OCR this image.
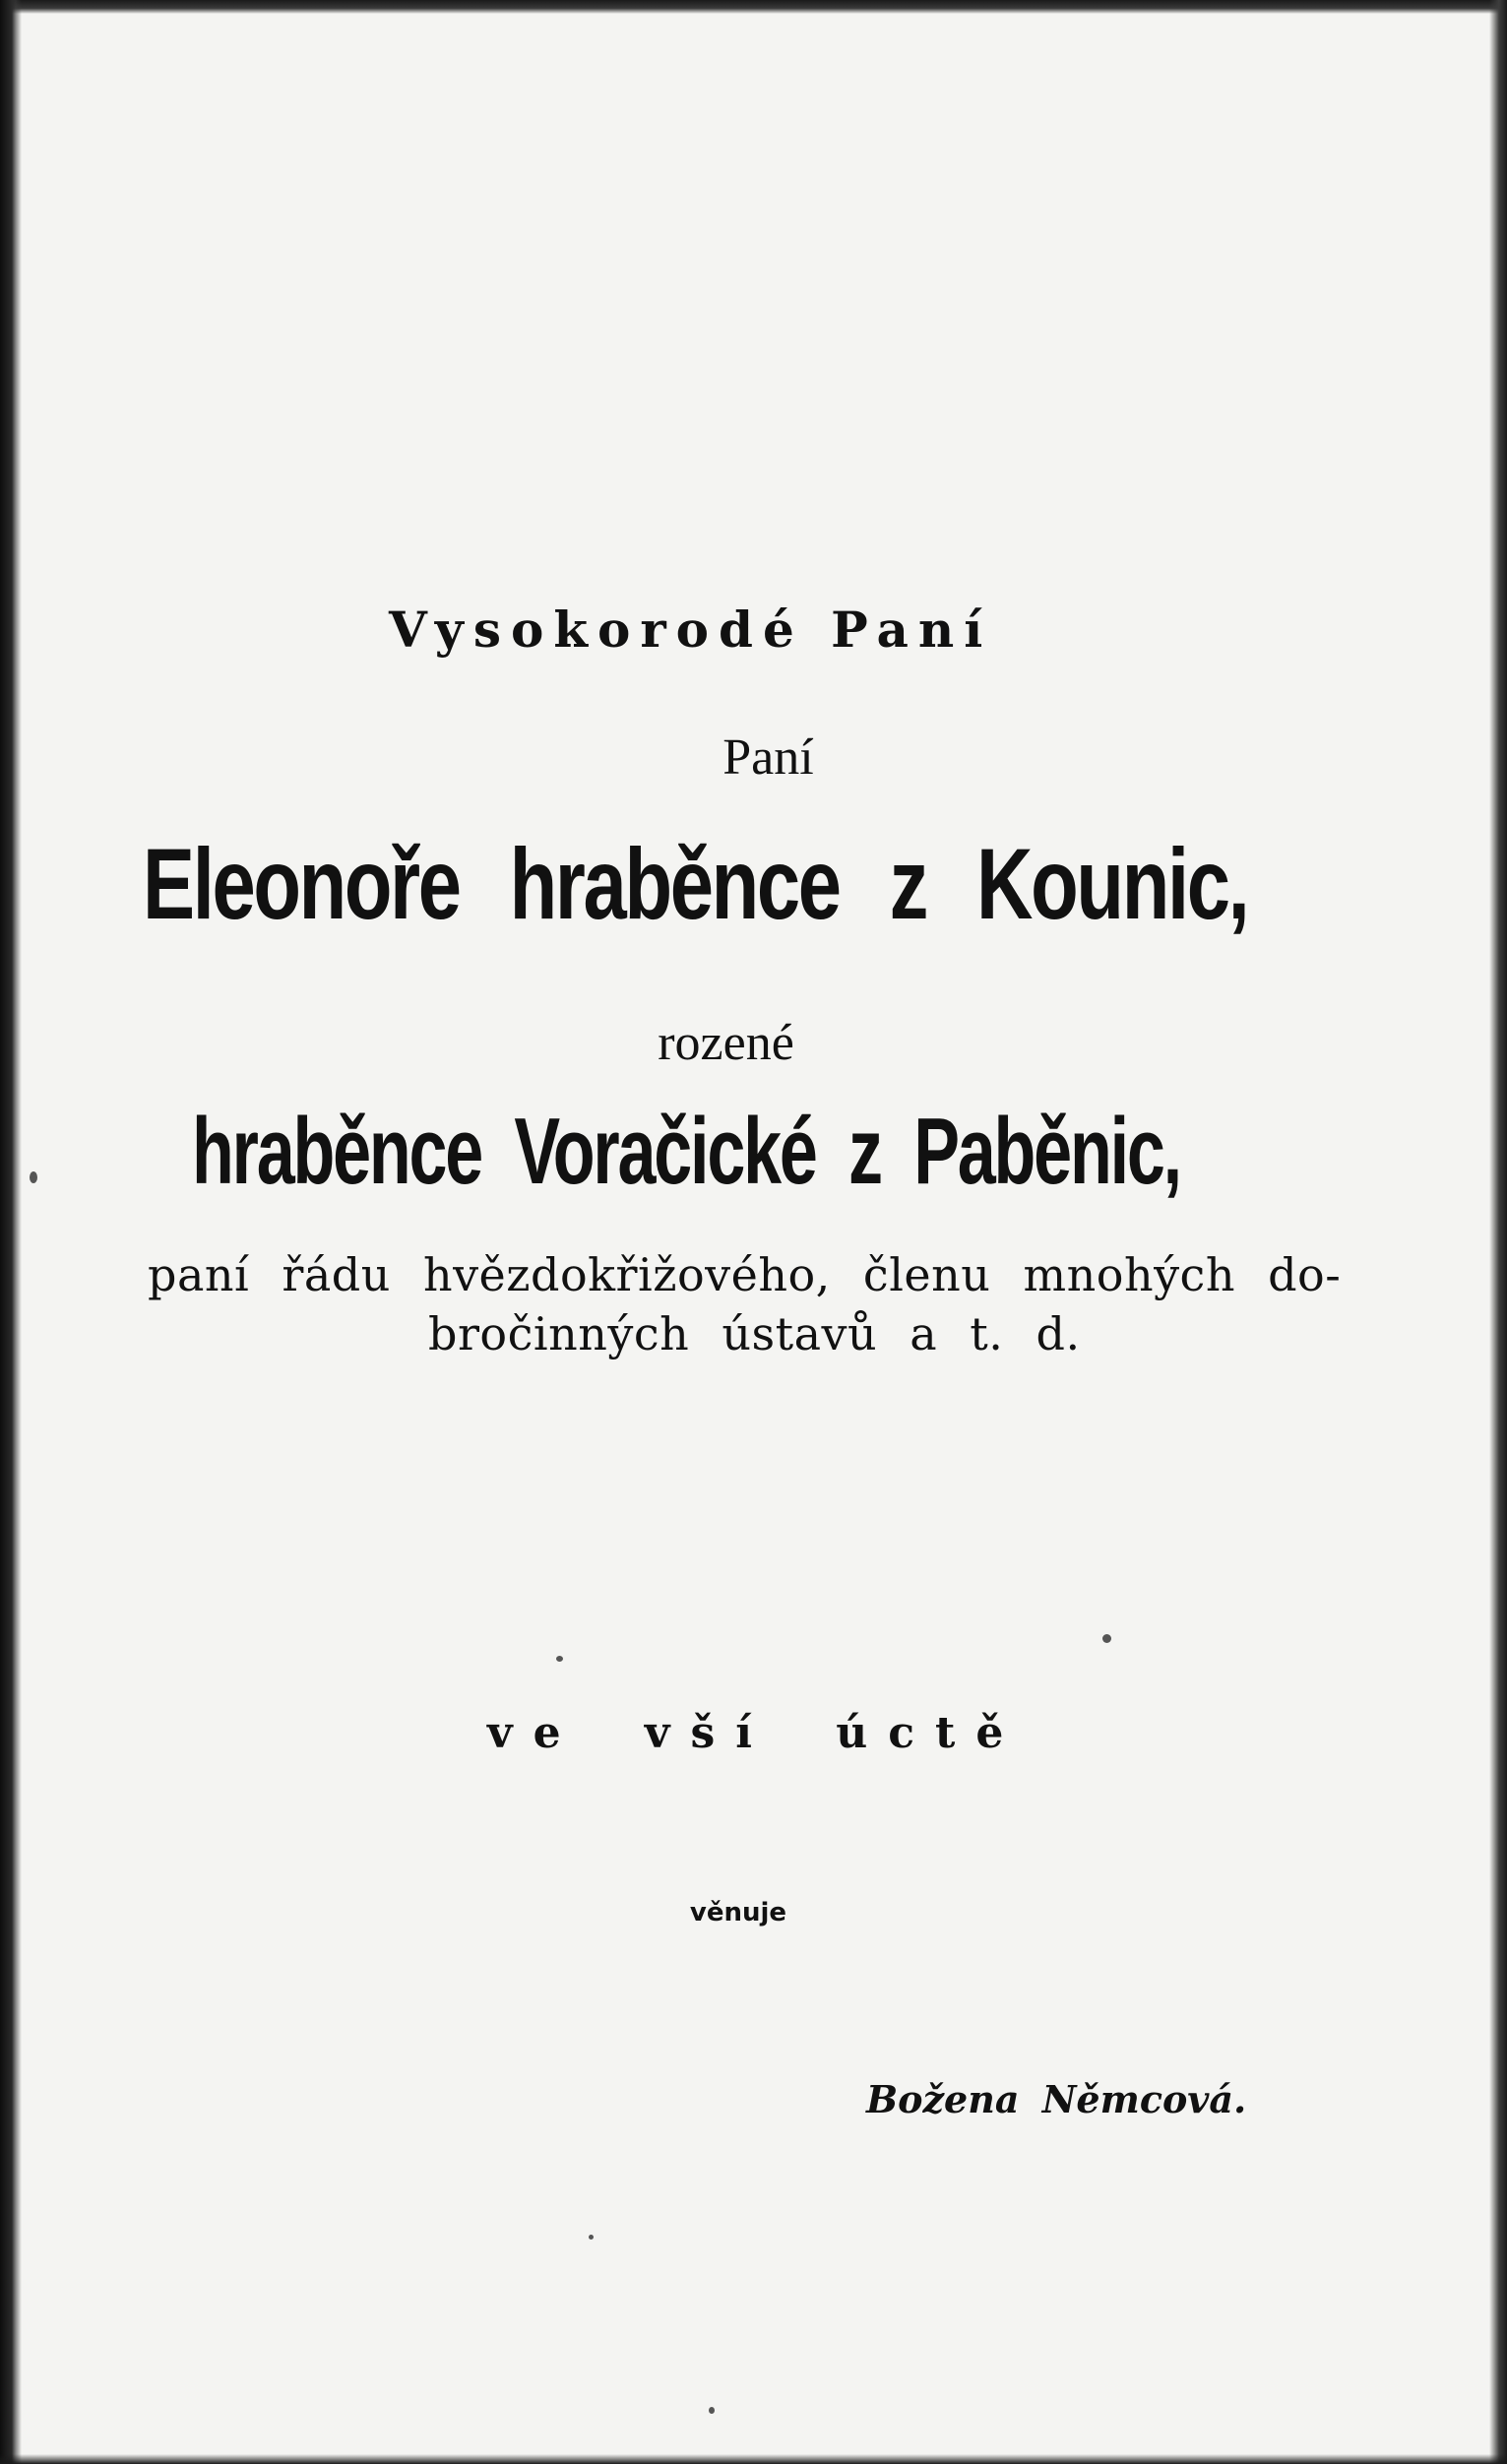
Vysokorodé Paní
Paní
Eleonoře hraběnce z Kounic,
rozené
hraběnce Voračické z Paběnic,
paní řádu hvězdokřižového, členu mnohých do-
bročinných ústavů a t. d.
ve vší úctě
věnuje
Božena Němcová.
